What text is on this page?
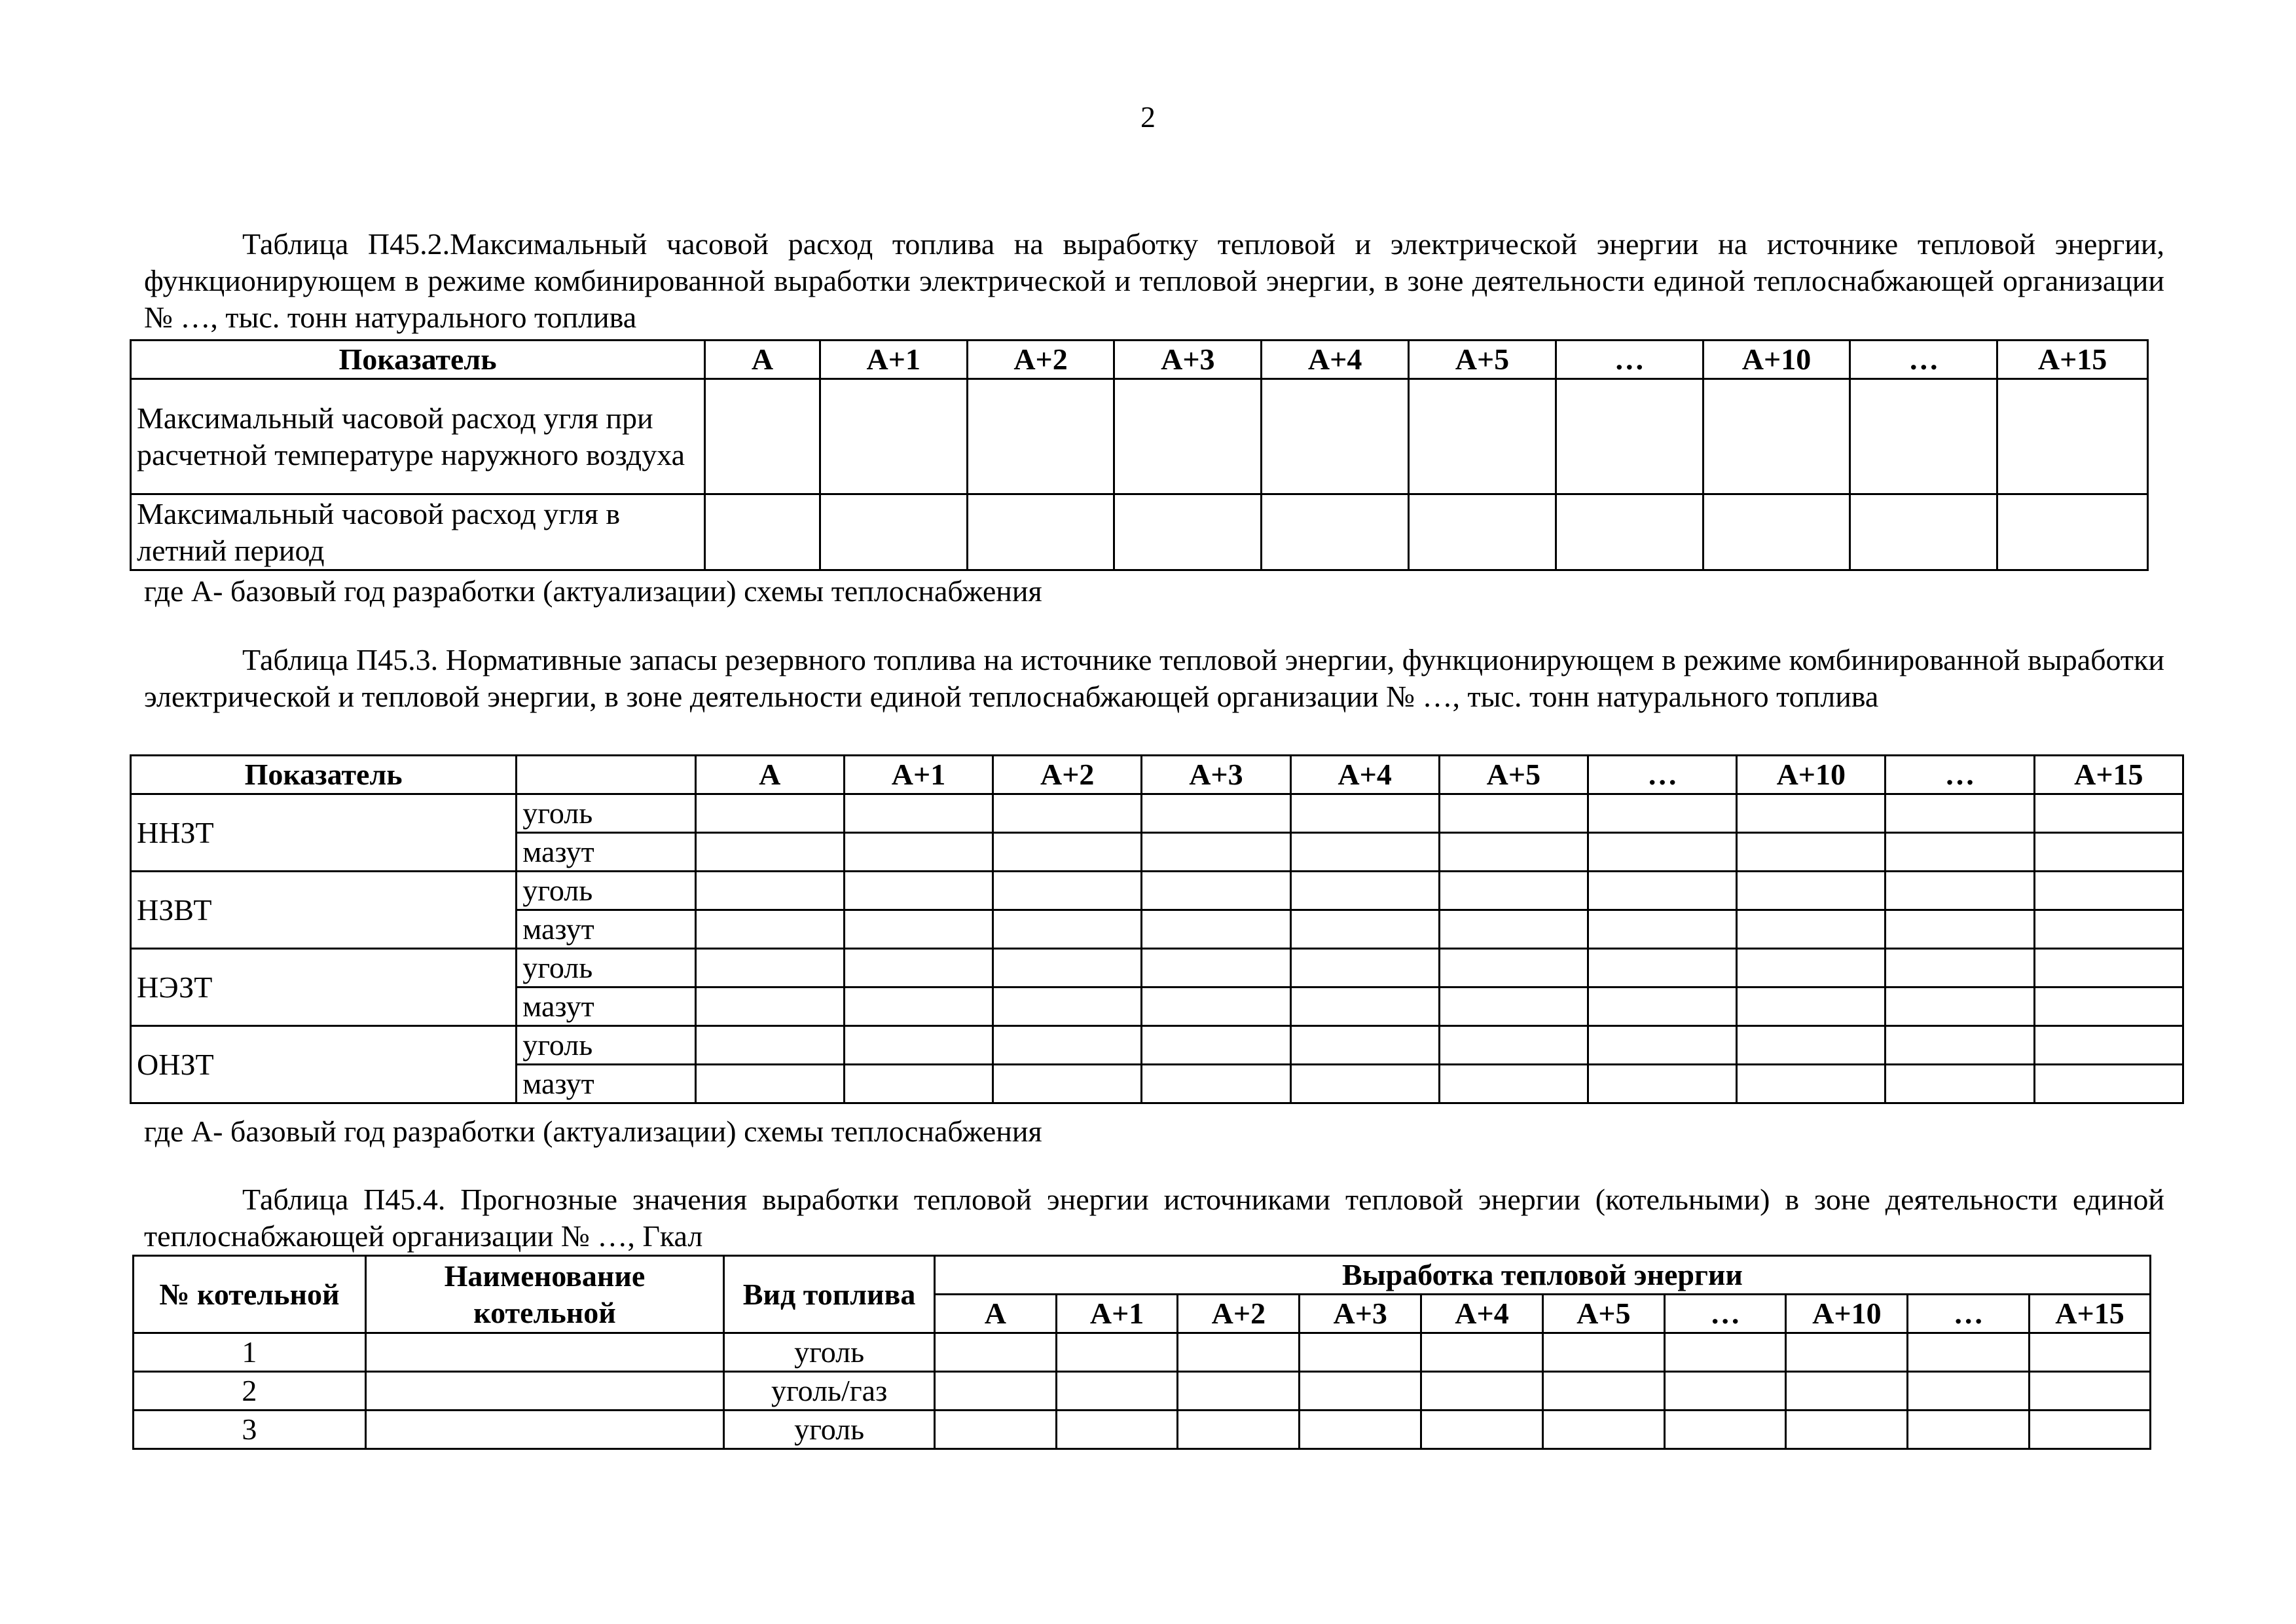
2
Таблица П45.2.Максимальный часовой расход топлива на выработку тепловой и электрической энергии на источнике тепловой энергии, функционирующем в режиме комбинированной выработки электрической и тепловой энергии, в зоне деятельности единой теплоснабжающей организации № …, тыс. тонн натурального топлива
Показатель	А	А+1	А+2	А+3	А+4	А+5	…	А+10	…	А+15
Максимальный часовой расход угля при расчетной температуре наружного воздуха										
Максимальный часовой расход угля в летний период										
где А- базовый год разработки (актуализации) схемы теплоснабжения
Таблица П45.3. Нормативные запасы резервного топлива на источнике тепловой энергии, функционирующем в режиме комбинированной выработки электрической и тепловой энергии, в зоне деятельности единой теплоснабжающей организации № …, тыс. тонн натурального топлива
Показатель		А	А+1	А+2	А+3	А+4	А+5	…	А+10	…	А+15
ННЗТ	уголь										
	мазут										
НЗВТ	уголь										
	мазут										
НЭЗТ	уголь										
	мазут										
ОНЗТ	уголь										
	мазут										
где А- базовый год разработки (актуализации) схемы теплоснабжения
Таблица П45.4. Прогнозные значения выработки тепловой энергии источниками тепловой энергии (котельными) в зоне деятельности единой теплоснабжающей организации № …, Гкал
№ котельной	Наименование котельной	Вид топлива	Выработка тепловой энергии									
			А	А+1	А+2	А+3	А+4	А+5	…	А+10	…	А+15
1		уголь										
2		уголь/газ										
3		уголь										
